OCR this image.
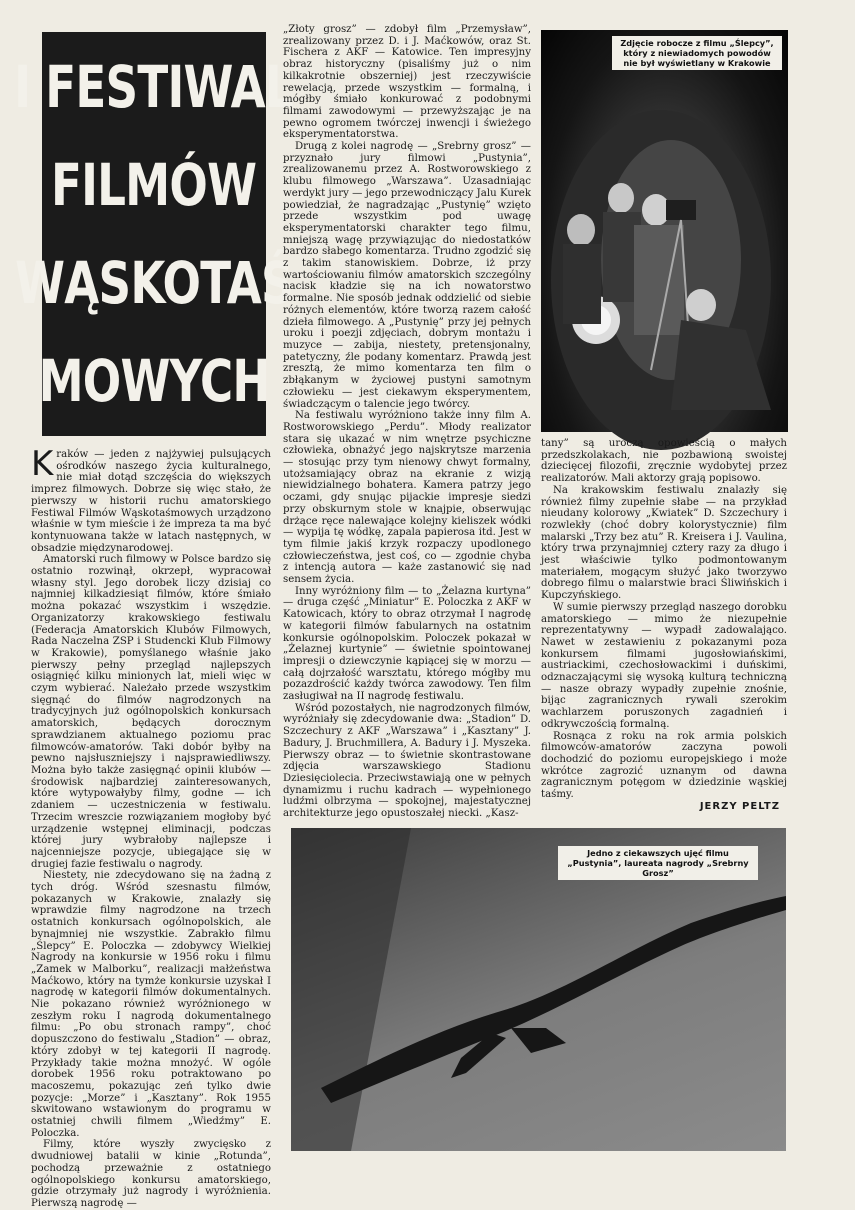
I FESTIWAL
FILMÓW
WĄSKOTAŚ
MOWYCH

Kraków — jeden z najżywiej pulsujących ośrodków naszego życia kulturalnego, nie miał dotąd szczęścia do większych imprez filmowych. Dobrze się więc stało, że pierwszy w historii ruchu amatorskiego Festiwal Filmów Wąskotaśmowych urządzono właśnie w tym mieście i że impreza ta ma być kontynuowana także w latach następnych, w obsadzie międzynarodowej.

Amatorski ruch filmowy w Polsce bardzo się ostatnio rozwinął, okrzepł, wypracował własny styl. Jego dorobek liczy dzisiaj co najmniej kilkadziesiąt filmów, które śmiało można pokazać wszystkim i wszędzie. Organizatorzy krakowskiego festiwalu (Federacja Amatorskich Klubów Filmowych, Rada Naczelna ZSP i Studencki Klub Filmowy w Krakowie), pomyślanego właśnie jako pierwszy pełny przegląd najlepszych osiągnięć kilku minionych lat, mieli więc w czym wybierać. Należało przede wszystkim sięgnąć do filmów nagrodzonych na tradycyjnych już ogólnopolskich konkursach amatorskich, będących dorocznym sprawdzianem aktualnego poziomu prac filmowców-amatorów. Taki dobór byłby na pewno najsłuszniejszy i najsprawiedliwszy. Można było także zasięgnąć opinii klubów — środowisk najbardziej zainteresowanych, które wytypowałyby filmy, godne — ich zdaniem — uczestniczenia w festiwalu. Trzecim wreszcie rozwiązaniem mogłoby być urządzenie wstępnej eliminacji, podczas której jury wybrałoby najlepsze i najcenniejsze pozycje, ubiegające się w drugiej fazie festiwalu o nagrody.

Niestety, nie zdecydowano się na żadną z tych dróg. Wśród szesnastu filmów, pokazanych w Krakowie, znalazły się wprawdzie filmy nagrodzone na trzech ostatnich konkursach ogólnopolskich, ale bynajmniej nie wszystkie. Zabrakło filmu „Ślepcy” E. Poloczka — zdobywcy Wielkiej Nagrody na konkursie w 1956 roku i filmu „Zamek w Malborku”, realizacji małżeństwa Maćkowo, który na tymże konkursie uzyskał I nagrodę w kategorii filmów dokumentalnych. Nie pokazano również wyróżnionego w zeszłym roku I nagrodą dokumentalnego filmu: „Po obu stronach rampy”, choć dopuszczono do festiwalu „Stadion” — obraz, który zdobył w tej kategorii II nagrodę. Przykłady takie można mnożyć. W ogóle dorobek 1956 roku potraktowano po macoszemu, pokazując zeń tylko dwie pozycje: „Morze” i „Kasztany”. Rok 1955 skwitowano wstawionym do programu w ostatniej chwili filmem „Wiedźmy” E. Poloczka.

Filmy, które wyszły zwycięsko z dwudniowej batalii w kinie „Rotunda”, pochodzą przeważnie z ostatniego ogólnopolskiego konkursu amatorskiego, gdzie otrzymały już nagrody i wyróżnienia. Pierwszą nagrodę —

„Złoty grosz” — zdobył film „Przemysław”, zrealizowany przez D. i J. Maćkowów, oraz St. Fischera z AKF — Katowice. Ten impresyjny obraz historyczny (pisaliśmy już o nim kilkakrotnie obszerniej) jest rzeczywiście rewelacją, przede wszystkim — formalną, i mógłby śmiało konkurować z podobnymi filmami zawodowymi — przewyższając je na pewno ogromem twórczej inwencji i świeżego eksperymentatorstwa.

Drugą z kolei nagrodę — „Srebrny grosz” — przyznało jury filmowi „Pustynia”, zrealizowanemu przez A. Rostworowskiego z klubu filmowego „Warszawa”. Uzasadniając werdykt jury — jego przewodniczący Jalu Kurek powiedział, że nagradzając „Pustynię” wzięto przede wszystkim pod uwagę eksperymentatorski charakter tego filmu, mniejszą wagę przywiązując do niedostatków bardzo słabego komentarza. Trudno zgodzić się z takim stanowiskiem. Dobrze, iż przy wartościowaniu filmów amatorskich szczególny nacisk kładzie się na ich nowatorstwo formalne. Nie sposób jednak oddzielić od siebie różnych elementów, które tworzą razem całość dzieła filmowego. A „Pustynię” przy jej pełnych uroku i poezji zdjęciach, dobrym montażu i muzyce — zabija, niestety, pretensjonalny, patetyczny, źle podany komentarz. Prawdą jest zresztą, że mimo komentarza ten film o zbłąkanym w życiowej pustyni samotnym człowieku — jest ciekawym eksperymentem, świadczącym o talencie jego twórcy.

Na festiwalu wyróżniono także inny film A. Rostworowskiego „Perdu”. Młody realizator stara się ukazać w nim wnętrze psychiczne człowieka, obnażyć jego najskrytsze marzenia — stosując przy tym nienowy chwyt formalny, utożsamiający obraz na ekranie z wizją niewidzialnego bohatera. Kamera patrzy jego oczami, gdy snując pijackie impresje siedzi przy obskurnym stole w knajpie, obserwując drżące ręce nalewające kolejny kieliszek wódki — wypija tę wódkę, zapala papierosa itd. Jest w tym filmie jakiś krzyk rozpaczy upodlonego człowieczeństwa, jest coś, co — zgodnie chyba z intencją autora — każe zastanowić się nad sensem życia.

Inny wyróżniony film — to „Żelazna kurtyna” — druga część „Miniatur” E. Poloczka z AKF w Katowicach, który to obraz otrzymał I nagrodę w kategorii filmów fabularnych na ostatnim konkursie ogólnopolskim. Poloczek pokazał w „Żelaznej kurtynie” — świetnie spointowanej impresji o dziewczynie kąpiącej się w morzu — całą dojrzałość warsztatu, którego mógłby mu pozazdrościć każdy twórca zawodowy. Ten film zasługiwał na II nagrodę festiwalu.

Wśród pozostałych, nie nagrodzonych filmów, wyróżniały się zdecydowanie dwa: „Stadion” D. Szczechury z AKF „Warszawa” i „Kasztany” J. Badury, J. Bruchmillera, A. Badury i J. Myszeka. Pierwszy obraz — to świetnie skontrastowane zdjęcia warszawskiego Stadionu Dziesięciolecia. Przeciwstawiają one w pełnych dynamizmu i ruchu kadrach — wypełnionego ludźmi olbrzyma — spokojnej, majestatycznej architekturze jego opustoszałej niecki. „Kasz-

Zdjęcie robocze z filmu „Ślepcy”, który z niewiadomych powodów nie był wyświetlany w Krakowie

tany” są uroczą opowieścią o małych przedszkolakach, nie pozbawioną swoistej dziecięcej filozofii, zręcznie wydobytej przez realizatorów. Mali aktorzy grają popisowo.

Na krakowskim festiwalu znalazły się również filmy zupełnie słabe — na przykład nieudany kolorowy „Kwiatek” D. Szczechury i rozwlekły (choć dobry kolorystycznie) film malarski „Trzy bez atu” R. Kreisera i J. Vaulina, który trwa przynajmniej cztery razy za długo i jest właściwie tylko podmontowanym materiałem, mogącym służyć jako tworzywo dobrego filmu o malarstwie braci Śliwińskich i Kupczyńskiego.

W sumie pierwszy przegląd naszego dorobku amatorskiego — mimo że niezupełnie reprezentatywny — wypadł zadowalająco. Nawet w zestawieniu z pokazanymi poza konkursem filmami jugosłowiańskimi, austriackimi, czechosłowackimi i duńskimi, odznaczającymi się wysoką kulturą techniczną — nasze obrazy wypadły zupełnie znośnie, bijąc zagranicznych rywali szerokim wachlarzem poruszonych zagadnień i odkrywczością formalną.

Rosnąca z roku na rok armia polskich filmowców-amatorów zaczyna powoli dochodzić do poziomu europejskiego i może wkrótce zagrozić uznanym od dawna zagranicznym potęgom w dziedzinie wąskiej taśmy.

JERZY PELTZ
Jedno z ciekawszych ujęć filmu „Pustynia”, laureata nagrody „Srebrny Grosz”
